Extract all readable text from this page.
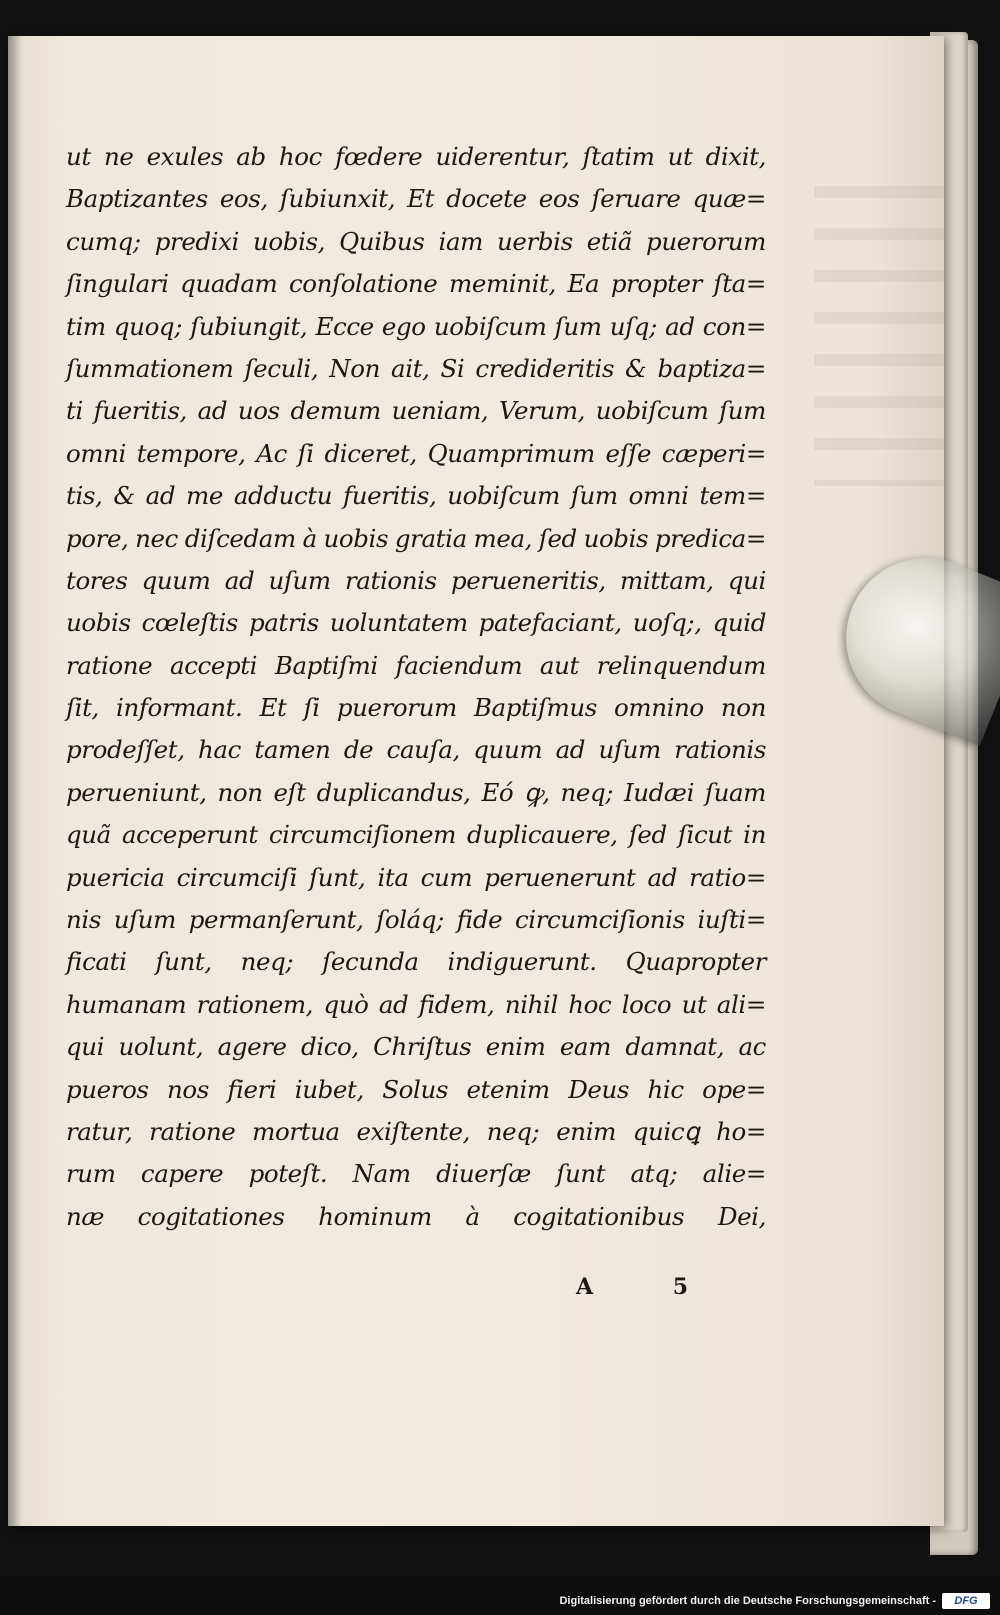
ut ne exules ab hoc fœdere uiderentur, ſtatim ut dixit,
Baptizantes eos, ſubiunxit, Et docete eos ſeruare quæ=
cumq; predixi uobis, Quibus iam uerbis etiã puerorum
ſingulari quadam conſolatione meminit, Ea propter ſta=
tim quoq; ſubiungit, Ecce ego uobiſcum ſum uſq; ad con=
ſummationem ſeculi, Non ait, Si credideritis & baptiza=
ti fueritis, ad uos demum ueniam, Verum, uobiſcum ſum
omni tempore, Ac ſi diceret, Quamprimum eſſe cæperi=
tis, & ad me adductu fueritis, uobiſcum ſum omni tem=
pore, nec diſcedam à uobis gratia mea, ſed uobis predica=
tores quum ad uſum rationis perueneritis, mittam, qui
uobis cœleſtis patris uoluntatem patefaciant, uoſq;, quid
ratione accepti Baptiſmi faciendum aut relinquendum
ſit, informant. Et ſi puerorum Baptiſmus omnino non
prodeſſet, hac tamen de cauſa, quum ad uſum rationis
perueniunt, non eſt duplicandus, Eó ꝙ, neq; Iudæi ſuam
quã acceperunt circumciſionem duplicauere, ſed ſicut in
puericia circumciſi ſunt, ita cum peruenerunt ad ratio=
nis uſum permanſerunt, ſoláq; fide circumciſionis iuſti=
ficati ſunt, neq; ſecunda indiguerunt. Quapropter
humanam rationem, quò ad fidem, nihil hoc loco ut ali=
qui uolunt, agere dico, Chriſtus enim eam damnat, ac
pueros nos fieri iubet, Solus etenim Deus hic ope=
ratur, ratione mortua exiſtente, neq; enim quicꝗ ho=
rum capere poteſt. Nam diuerſæ ſunt atq; alie=
næ cogitationes hominum à cogitationibus Dei,
A 5
Digitalisierung gefördert durch die Deutsche Forschungsgemeinschaft -	DFG
